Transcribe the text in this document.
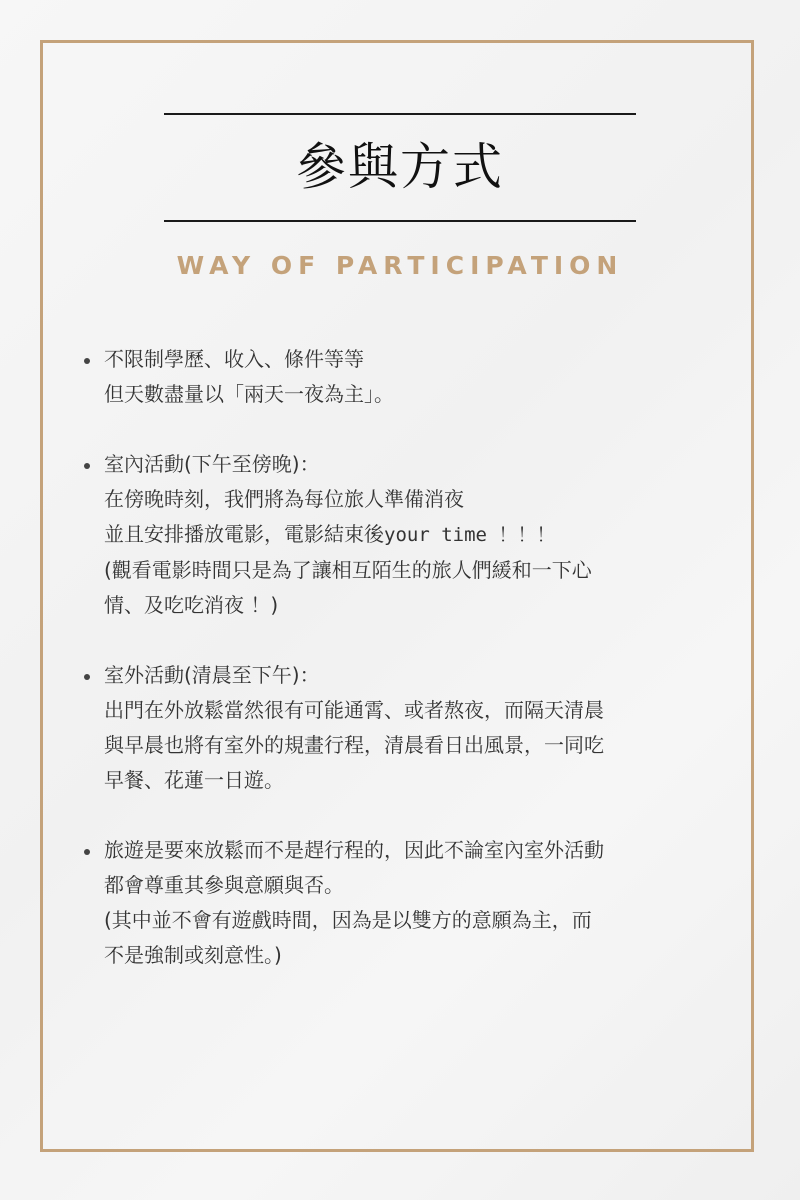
參與方式
WAY OF PARTICIPATION
不限制學歷、收入、條件等等
但天數盡量以「兩天一夜為主」。
室內活動(下午至傍晚)：
在傍晚時刻，我們將為每位旅人準備消夜
並且安排播放電影，電影結束後your time ！！！
(觀看電影時間只是為了讓相互陌生的旅人們緩和一下心
情、及吃吃消夜 ！)
室外活動(清晨至下午)：
出門在外放鬆當然很有可能通霄、或者熬夜，而隔天清晨
與早晨也將有室外的規畫行程，清晨看日出風景，一同吃
早餐、花蓮一日遊。
旅遊是要來放鬆而不是趕行程的，因此不論室內室外活動
都會尊重其參與意願與否。
(其中並不會有遊戲時間，因為是以雙方的意願為主，而
不是強制或刻意性。)
